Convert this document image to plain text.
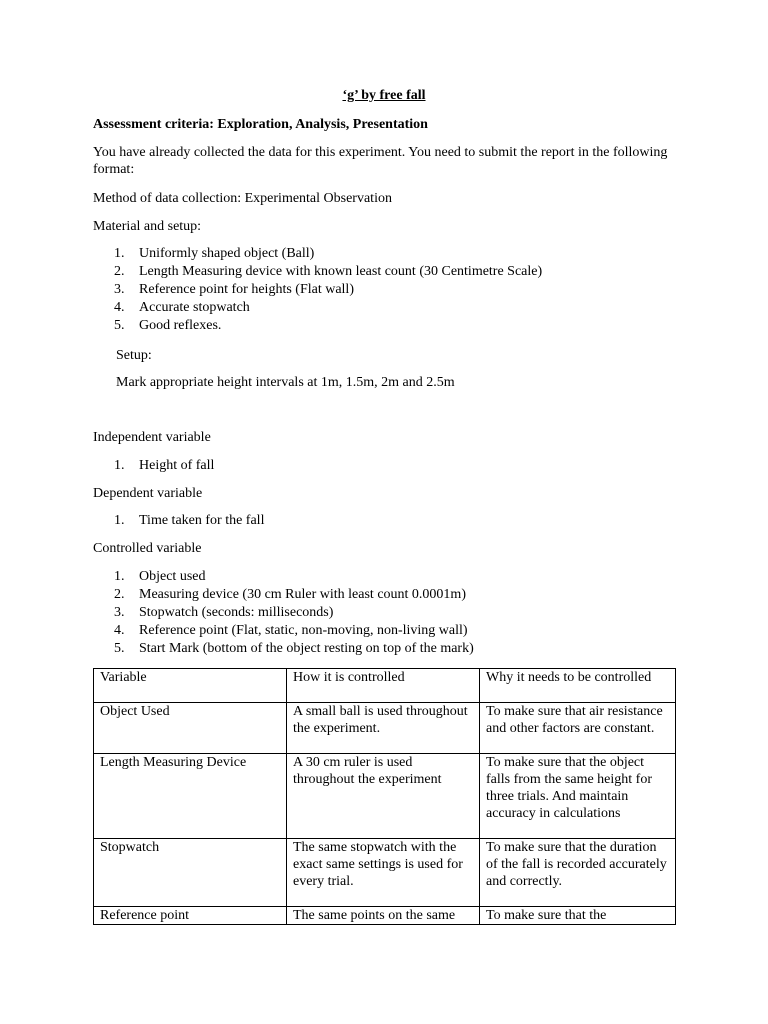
‘g’ by free fall

Assessment criteria: Exploration, Analysis, Presentation

You have already collected the data for this experiment. You need to submit the report in the following format:

Method of data collection: Experimental Observation

Material and setup:

1. Uniformly shaped object (Ball)
2. Length Measuring device with known least count (30 Centimetre Scale)
3. Reference point for heights (Flat wall)
4. Accurate stopwatch
5. Good reflexes.

Setup:

Mark appropriate height intervals at 1m, 1.5m, 2m and 2.5m

Independent variable

1. Height of fall

Dependent variable

1. Time taken for the fall

Controlled variable

1. Object used
2. Measuring device (30 cm Ruler with least count 0.0001m)
3. Stopwatch (seconds: milliseconds)
4. Reference point (Flat, static, non-moving, non-living wall)
5. Start Mark (bottom of the object resting on top of the mark)
Variable	How it is controlled	Why it needs to be controlled
Object Used	A small ball is used throughout the experiment.	To make sure that air resistance and other factors are constant.
Length Measuring Device	A 30 cm ruler is used throughout the experiment	To make sure that the object falls from the same height for three trials. And maintain accuracy in calculations
Stopwatch	The same stopwatch with the exact same settings is used for every trial.	To make sure that the duration of the fall is recorded accurately and correctly.
Reference point	The same points on the same	To make sure that the
